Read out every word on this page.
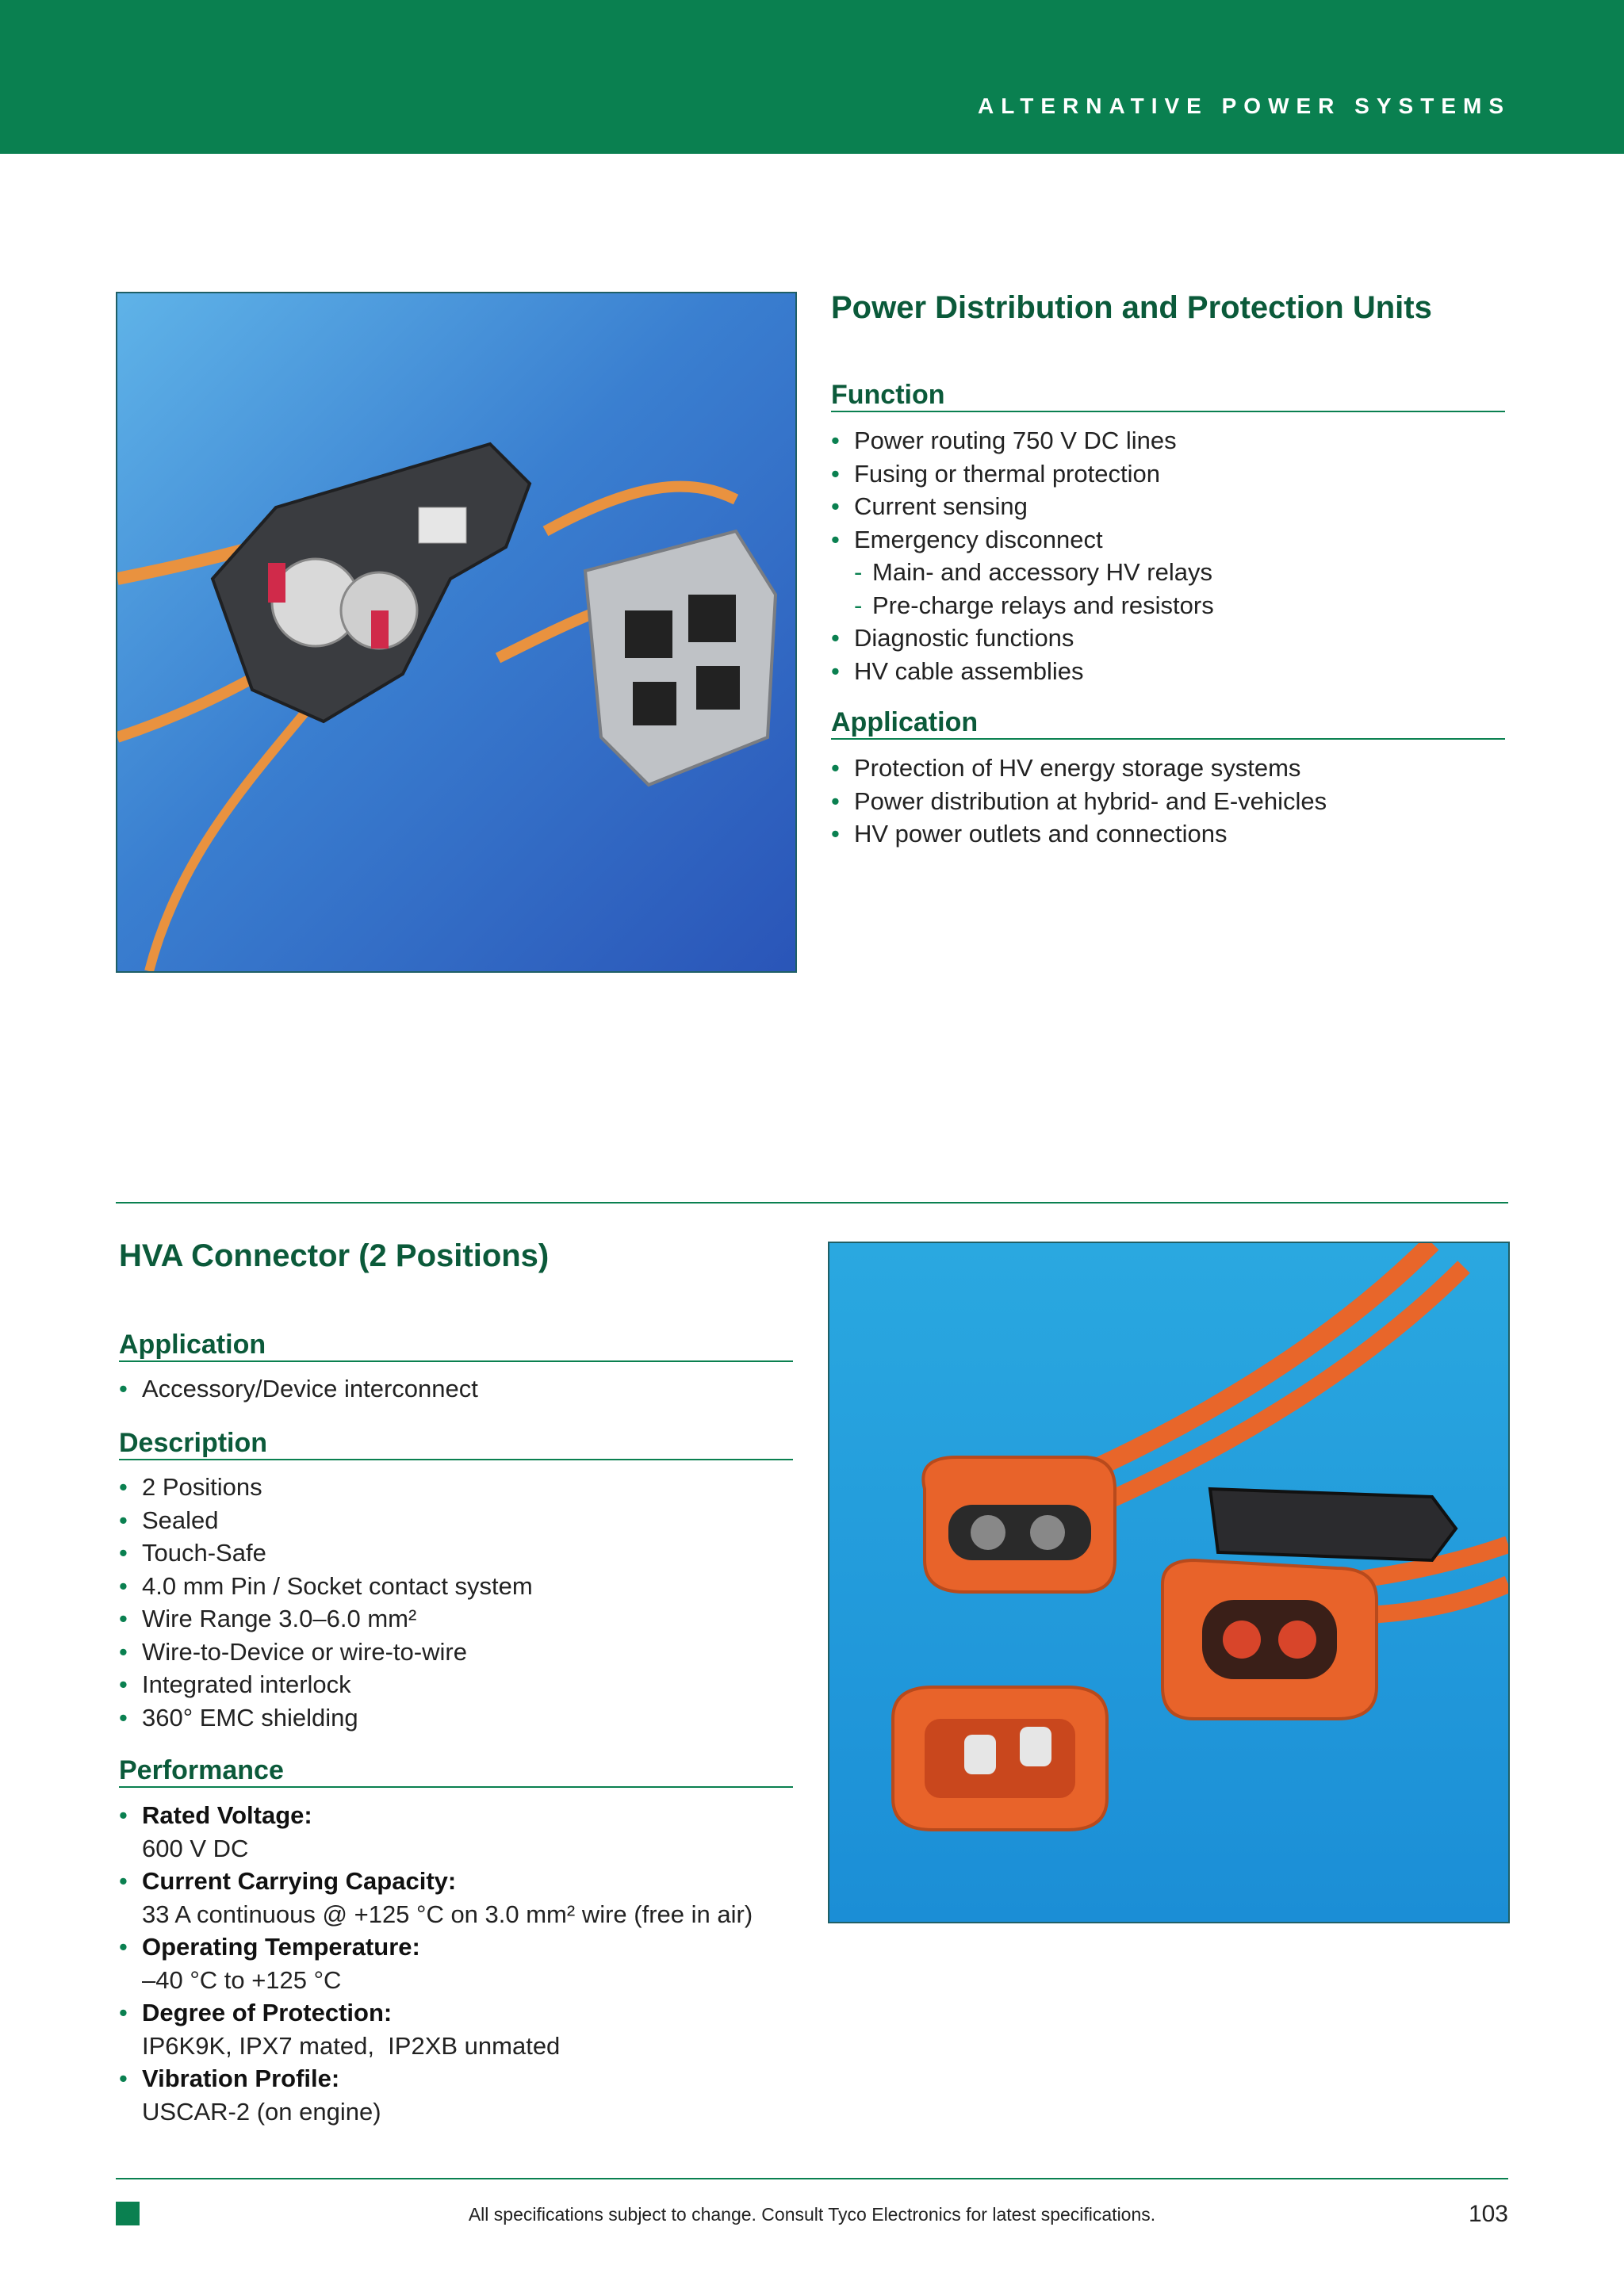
ALTERNATIVE POWER SYSTEMS
Power Distribution and Protection Units
Function
• Power routing 750 V DC lines
• Fusing or thermal protection
• Current sensing
• Emergency disconnect
- Main- and accessory HV relays
- Pre-charge relays and resistors
• Diagnostic functions
• HV cable assemblies
Application
• Protection of HV energy storage systems
• Power distribution at hybrid- and E-vehicles
• HV power outlets and connections
HVA Connector (2 Positions)
Application
• Accessory/Device interconnect
Description
• 2 Positions
• Sealed
• Touch-Safe
• 4.0 mm Pin / Socket contact system
• Wire Range 3.0–6.0 mm²
• Wire-to-Device or wire-to-wire
• Integrated interlock
• 360° EMC shielding
Performance
• Rated Voltage:
600 V DC
• Current Carrying Capacity:
33 A continuous @ +125 °C on 3.0 mm² wire (free in air)
• Operating Temperature:
–40 °C to +125 °C
• Degree of Protection:
IP6K9K, IPX7 mated,  IP2XB unmated
• Vibration Profile:
USCAR-2 (on engine)
All specifications subject to change. Consult Tyco Electronics for latest specifications.	103
